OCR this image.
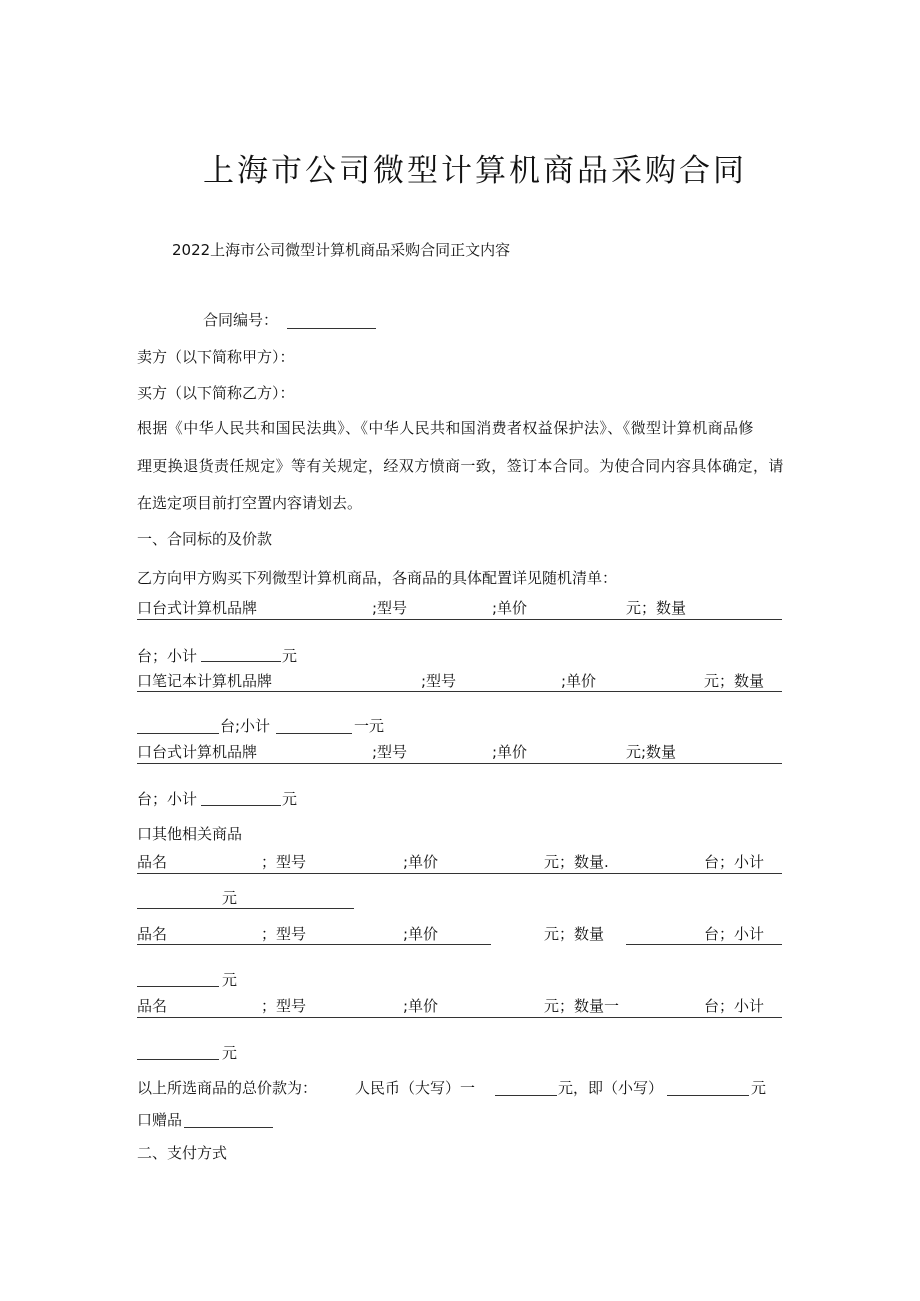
上海市公司微型计算机商品采购合同
2022上海市公司微型计算机商品采购合同正文内容
合同编号：
卖方（以下简称甲方）：
买方（以下简称乙方）：
根据《中华人民共和国民法典》、《中华人民共和国消费者权益保护法》、《微型计算机商品修
理更换退货责任规定》等有关规定，经双方愤商一致，签订本合同。为使合同内容具体确定，请
在选定项目前打空置内容请划去。
一、合同标的及价款
乙方向甲方购买下列微型计算机商品，各商品的具体配置详见随机清单：
口台式计算机品牌	;型号	;单价	元；数量
台；小计	元
口笔记本计算机品牌	;型号	;单价	元；数量
台;小计	一元
口台式计算机品牌	;型号	;单价	元;数量
台；小计	元
口其他相关商品
品名	；型号	;单价	元；数量.	台；小计
元
品名	；型号	;单价	元；数量	台；小计
元
品名	；型号	;单价	元；数量一	台；小计
元
以上所选商品的总价款为：	人民币（大写）一	元，即（小写）	元
口赠品
二、支付方式
